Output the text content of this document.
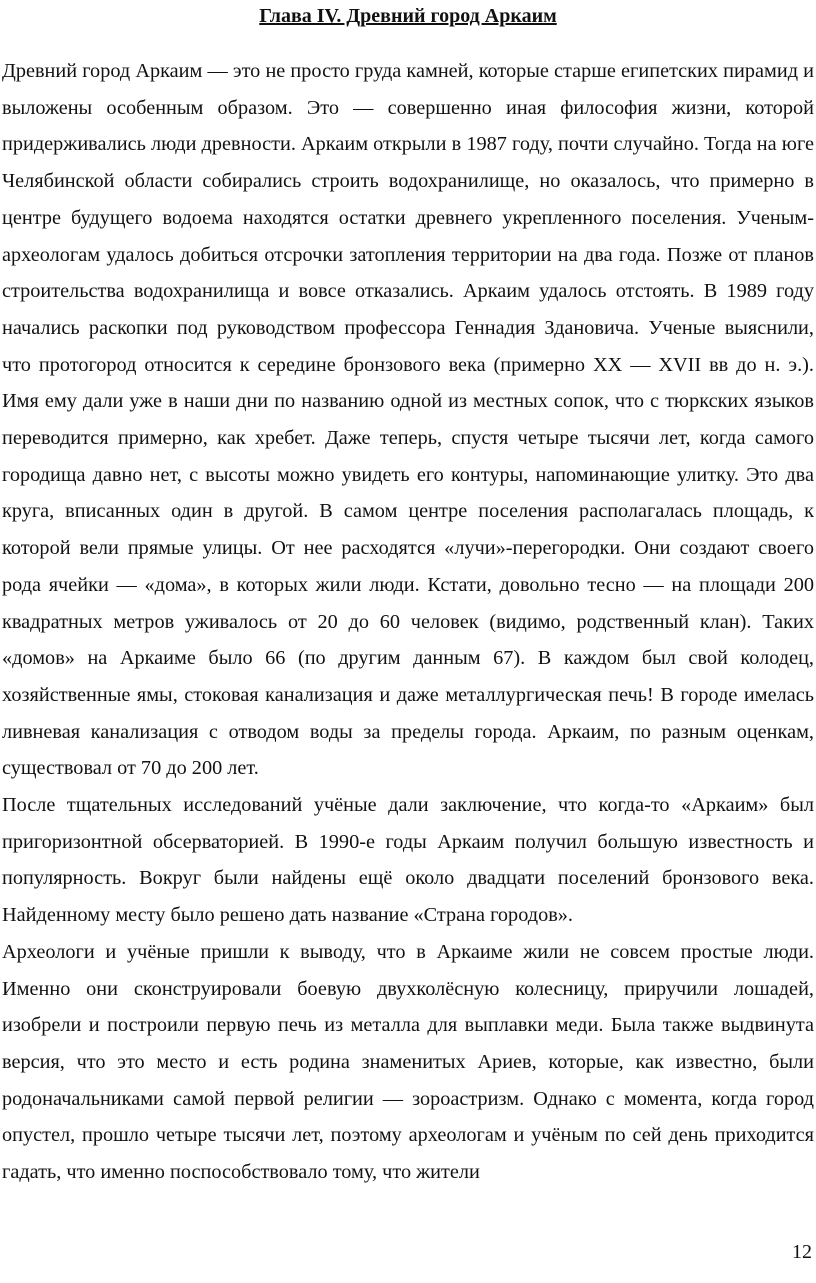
Глава IV. Древний город Аркаим

Древний город Аркаим — это не просто груда камней, которые старше египетских пирамид и выложены особенным образом. Это — совершенно иная философия жизни, которой придерживались люди древности. Аркаим открыли в 1987 году, почти случайно. Тогда на юге Челябинской области собирались строить водохранилище, но оказалось, что примерно в центре будущего водоема находятся остатки древнего укрепленного поселения. Ученым-археологам удалось добиться отсрочки затопления территории на два года. Позже от планов строительства водохранилища и вовсе отказались. Аркаим удалось отстоять. В 1989 году начались раскопки под руководством профессора Геннадия Здановича. Ученые выяснили, что протогород относится к середине бронзового века (примерно XX — XVII вв до н. э.). Имя ему дали уже в наши дни по названию одной из местных сопок, что с тюркских языков переводится примерно, как хребет. Даже теперь, спустя четыре тысячи лет, когда самого городища давно нет, с высоты можно увидеть его контуры, напоминающие улитку. Это два круга, вписанных один в другой. В самом центре поселения располагалась площадь, к которой вели прямые улицы. От нее расходятся «лучи»-перегородки. Они создают своего рода ячейки — «дома», в которых жили люди. Кстати, довольно тесно — на площади 200 квадратных метров уживалось от 20 до 60 человек (видимо, родственный клан). Таких «домов» на Аркаиме было 66 (по другим данным 67). В каждом был свой колодец, хозяйственные ямы, стоковая канализация и даже металлургическая печь! В городе имелась ливневая канализация с отводом воды за пределы города. Аркаим, по разным оценкам, существовал от 70 до 200 лет.

После тщательных исследований учёные дали заключение, что когда-то «Аркаим» был пригоризонтной обсерваторией. В 1990-е годы Аркаим получил большую известность и популярность. Вокруг были найдены ещё около двадцати поселений бронзового века. Найденному месту было решено дать название «Страна городов».

Археологи и учёные пришли к выводу, что в Аркаиме жили не совсем простые люди. Именно они сконструировали боевую двухколёсную колесницу, приручили лошадей, изобрели и построили первую печь из металла для выплавки меди. Была также выдвинута версия, что это место и есть родина знаменитых Ариев, которые, как известно, были родоначальниками самой первой религии — зороастризм. Однако с момента, когда город опустел, прошло четыре тысячи лет, поэтому археологам и учёным по сей день приходится гадать, что именно поспособствовало тому, что жители

12
